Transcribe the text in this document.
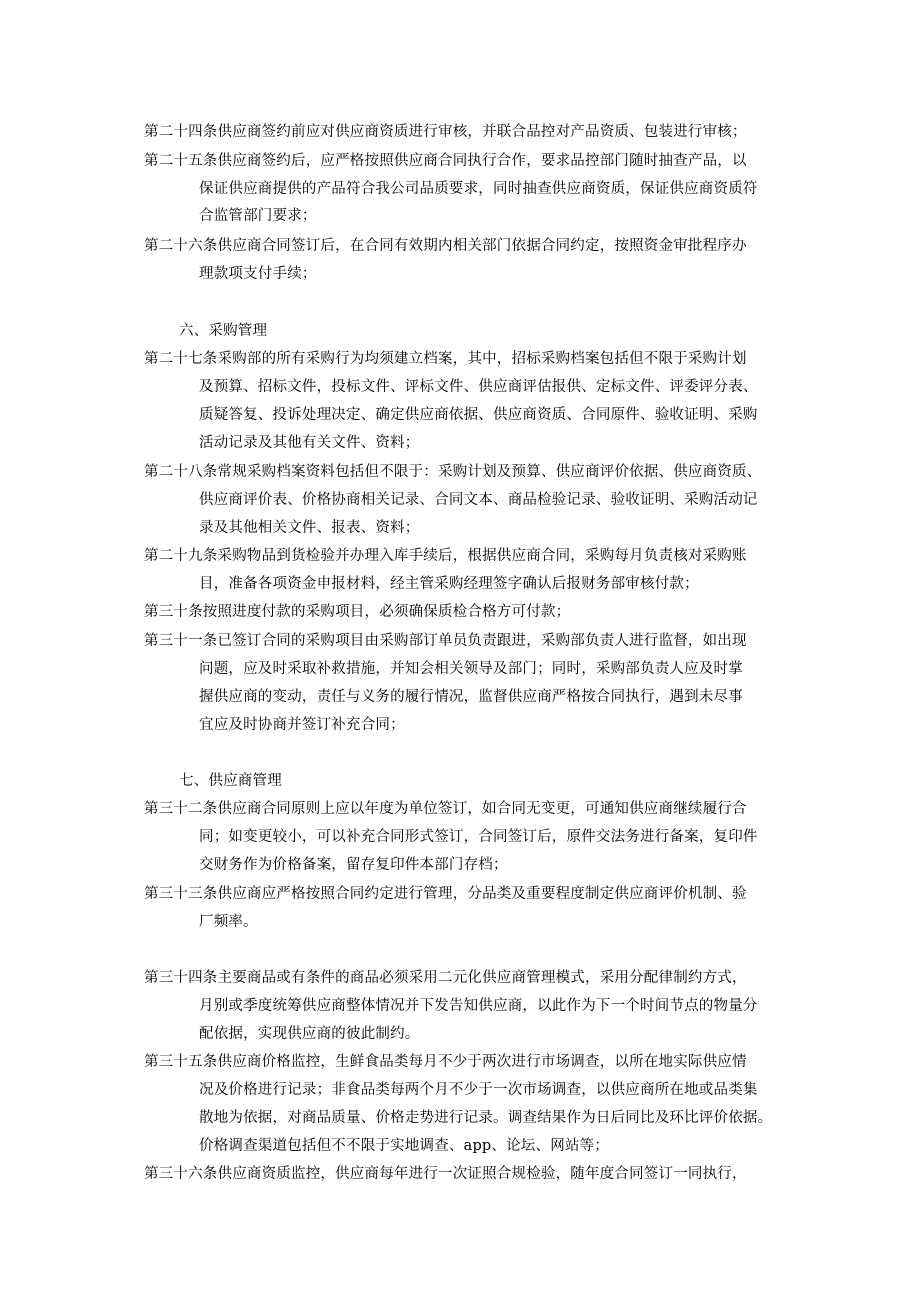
第二十四条供应商签约前应对供应商资质进行审核，并联合品控对产品资质、包装进行审核；
第二十五条供应商签约后，应严格按照供应商合同执行合作，要求品控部门随时抽查产品，以
保证供应商提供的产品符合我公司品质要求，同时抽查供应商资质，保证供应商资质符
合监管部门要求；
第二十六条供应商合同签订后，在合同有效期内相关部门依据合同约定，按照资金审批程序办
理款项支付手续；
六、采购管理
第二十七条采购部的所有采购行为均须建立档案，其中，招标采购档案包括但不限于采购计划
及预算、招标文件，投标文件、评标文件、供应商评估报供、定标文件、评委评分表、
质疑答复、投诉处理决定、确定供应商依据、供应商资质、合同原件、验收证明、采购
活动记录及其他有关文件、资料；
第二十八条常规采购档案资料包括但不限于：采购计划及预算、供应商评价依据、供应商资质、
供应商评价表、价格协商相关记录、合同文本、商品检验记录、验收证明、采购活动记
录及其他相关文件、报表、资料；
第二十九条采购物品到货检验并办理入库手续后，根据供应商合同，采购每月负责核对采购账
目，准备各项资金申报材料，经主管采购经理签字确认后报财务部审核付款；
第三十条按照进度付款的采购项目，必须确保质检合格方可付款；
第三十一条已签订合同的采购项目由采购部订单员负责跟进，采购部负责人进行监督，如出现
问题，应及时采取补救措施，并知会相关领导及部门；同时，采购部负责人应及时掌
握供应商的变动，责任与义务的履行情况，监督供应商严格按合同执行，遇到未尽事
宜应及时协商并签订补充合同；
七、供应商管理
第三十二条供应商合同原则上应以年度为单位签订，如合同无变更，可通知供应商继续履行合
同；如变更较小，可以补充合同形式签订，合同签订后，原件交法务进行备案，复印件
交财务作为价格备案，留存复印件本部门存档；
第三十三条供应商应严格按照合同约定进行管理，分品类及重要程度制定供应商评价机制、验
厂频率。
第三十四条主要商品或有条件的商品必须采用二元化供应商管理模式，采用分配律制约方式，
月别或季度统筹供应商整体情况并下发告知供应商，以此作为下一个时间节点的物量分
配依据，实现供应商的彼此制约。
第三十五条供应商价格监控，生鲜食品类每月不少于两次进行市场调查，以所在地实际供应情
况及价格进行记录；非食品类每两个月不少于一次市场调查，以供应商所在地或品类集
散地为依据，对商品质量、价格走势进行记录。调查结果作为日后同比及环比评价依据。
价格调查渠道包括但不不限于实地调查、app、论坛、网站等；
第三十六条供应商资质监控，供应商每年进行一次证照合规检验，随年度合同签订一同执行，
